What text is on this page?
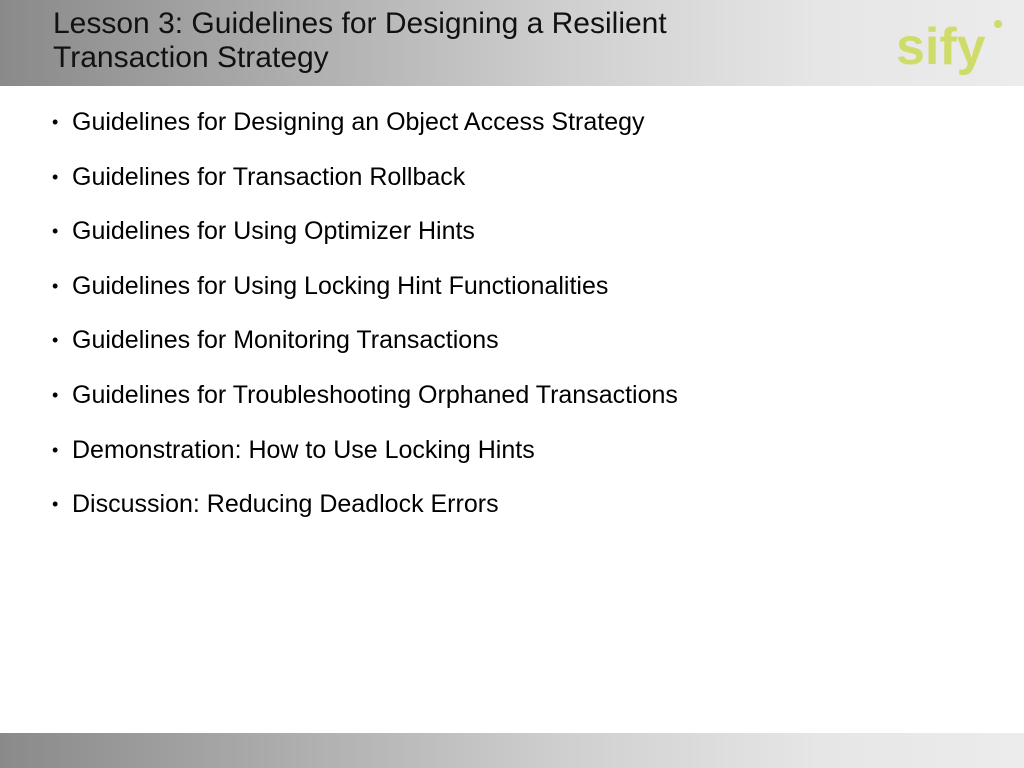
Lesson 3: Guidelines for Designing a Resilient
Transaction Strategy	sify
• Guidelines for Designing an Object Access Strategy
• Guidelines for Transaction Rollback
• Guidelines for Using Optimizer Hints
• Guidelines for Using Locking Hint Functionalities
• Guidelines for Monitoring Transactions
• Guidelines for Troubleshooting Orphaned Transactions
• Demonstration: How to Use Locking Hints
• Discussion: Reducing Deadlock Errors
